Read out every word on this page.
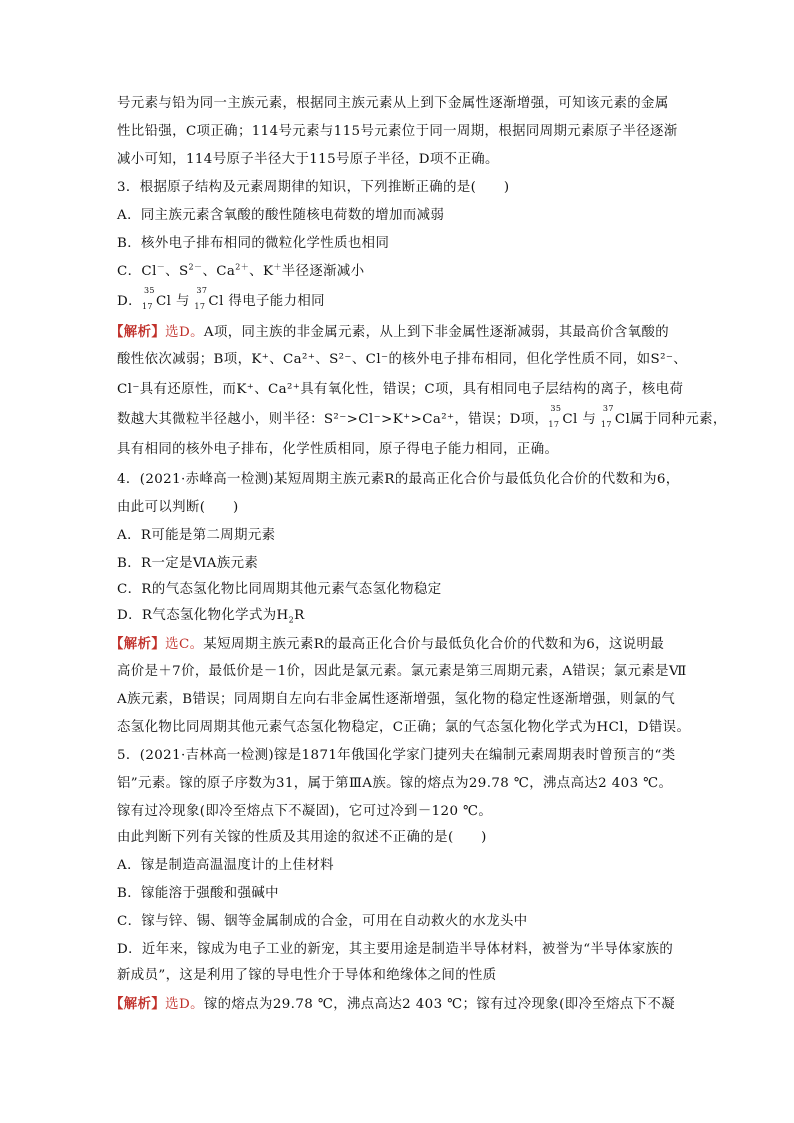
号元素与铅为同一主族元素，根据同主族元素从上到下金属性逐渐增强，可知该元素的金属
性比铅强，C项正确；114号元素与115号元素位于同一周期，根据同周期元素原子半径逐渐
减小可知，114号原子半径大于115号原子半径，D项不正确。
3．根据原子结构及元素周期律的知识，下列推断正确的是(　　)
A．同主族元素含氧酸的酸性随核电荷数的增加而减弱
B．核外电子排布相同的微粒化学性质也相同
C．Cl－、$S^{2-}$、$Ca^{2+}$、K＋半径逐渐减小
D．
35
17 Cl 与
37
17 Cl 得电子能力相同
【解析】选D。A项，同主族的非金属元素，从上到下非金属性逐渐减弱，其最高价含氧酸的
酸性依次减弱；B项，K⁺、Ca²⁺、S²⁻、Cl⁻的核外电子排布相同，但化学性质不同，如S²⁻、
Cl⁻具有还原性，而K⁺、Ca²⁺具有氧化性，错误；C项，具有相同电子层结构的离子，核电荷
数越大其微粒半径越小，则半径：S²⁻>Cl⁻>K⁺>Ca²⁺，错误；D项，
35
17 Cl 与
37
17 Cl属于同种元素，
具有相同的核外电子排布，化学性质相同，原子得电子能力相同，正确。
4．(2021·赤峰高一检测)某短周期主族元素R的最高正化合价与最低负化合价的代数和为6，
由此可以判断(　　)
A．R可能是第二周期元素
B．R一定是ⅥA族元素
C．R的气态氢化物比同周期其他元素气态氢化物稳定
D．R气态氢化物化学式为$H_2R$
【解析】选C。某短周期主族元素R的最高正化合价与最低负化合价的代数和为6，这说明最
高价是＋7价，最低价是－1价，因此是氯元素。氯元素是第三周期元素，A错误；氯元素是Ⅶ
A族元素，B错误；同周期自左向右非金属性逐渐增强，氢化物的稳定性逐渐增强，则氯的气
态氢化物比同周期其他元素气态氢化物稳定，C正确；氯的气态氢化物化学式为HCl，D错误。
5．(2021·吉林高一检测)镓是1871年俄国化学家门捷列夫在编制元素周期表时曾预言的“类
铝”元素。镓的原子序数为31，属于第ⅢA族。镓的熔点为29.78 ℃，沸点高达2 403 ℃。
镓有过冷现象(即冷至熔点下不凝固)，它可过冷到－120 ℃。
由此判断下列有关镓的性质及其用途的叙述不正确的是(　　)
A．镓是制造高温温度计的上佳材料
B．镓能溶于强酸和强碱中
C．镓与锌、锡、铟等金属制成的合金，可用在自动救火的水龙头中
D．近年来，镓成为电子工业的新宠，其主要用途是制造半导体材料，被誉为“半导体家族的
新成员”，这是利用了镓的导电性介于导体和绝缘体之间的性质
【解析】选D。镓的熔点为29.78 ℃，沸点高达2 403 ℃；镓有过冷现象(即冷至熔点下不凝
